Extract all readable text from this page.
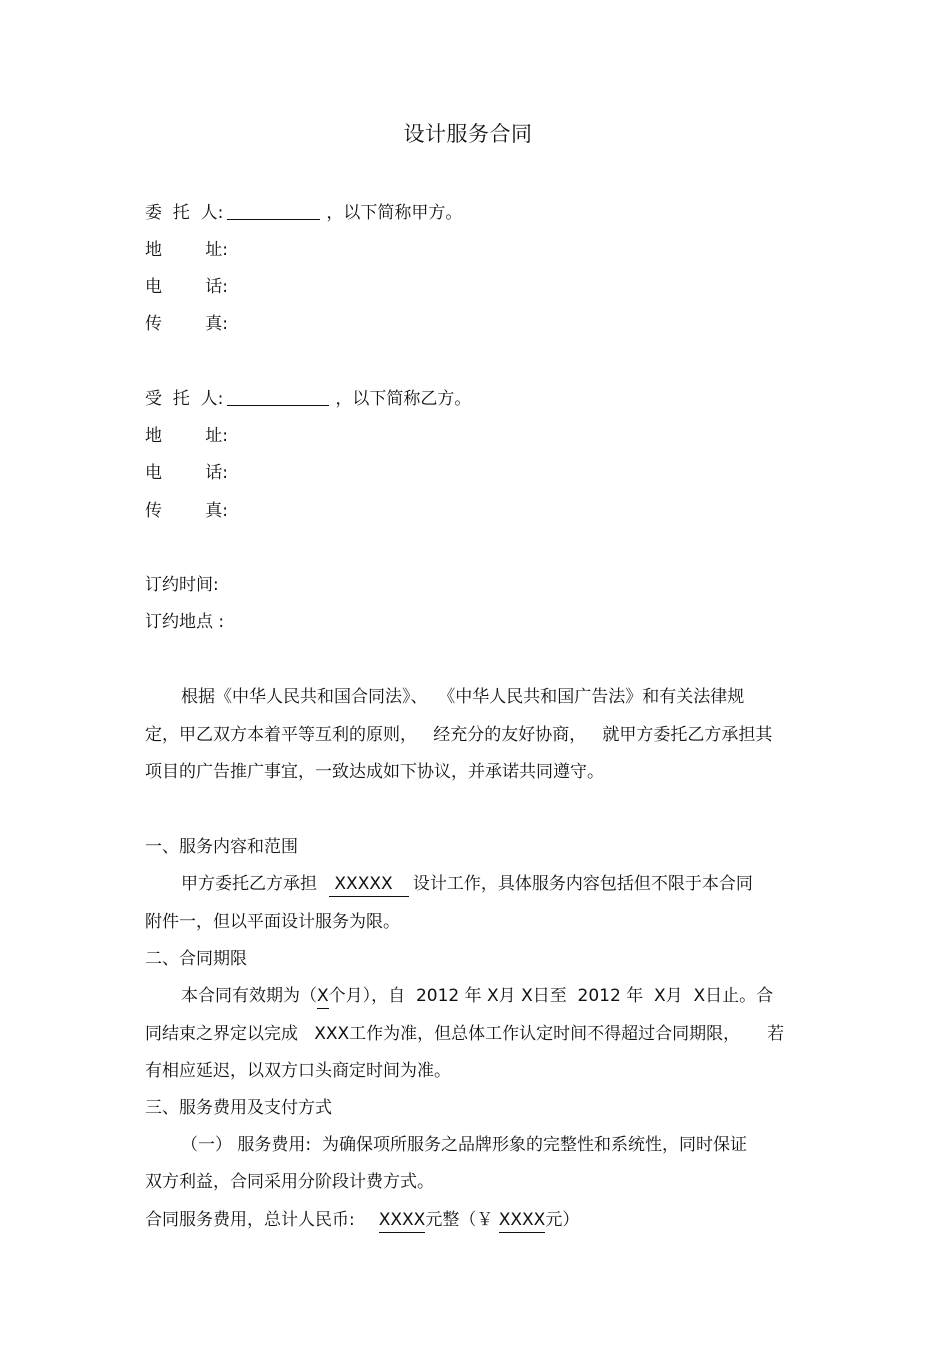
设计服务合同
委  托  人:	，以下简称甲方。
地        址:
电        话:
传        真:
受  托  人:	，以下简称乙方。
地        址:
电        话:
传        真:
订约时间:
订约地点 :
根据《中华人民共和国合同法》、  《中华人民共和国广告法》和有关法律规
定，甲乙双方本着平等互利的原则，   经充分的友好协商，   就甲方委托乙方承担其
项目的广告推广事宜，一致达成如下协议，并承诺共同遵守。
一、服务内容和范围
甲方委托乙方承担 XXXXX   设计工作，具体服务内容包括但不限于本合同
附件一，但以平面设计服务为限。
二、合同期限
本合同有效期为（X个月），自  2012 年 X月 X日至  2012 年  X月  X日止。合
同结束之界定以完成   XXX工作为准，但总体工作认定时间不得超过合同期限，     若
有相应延迟，以双方口头商定时间为准。
三、服务费用及支付方式
（一） 服务费用:  为确保项所服务之品牌形象的完整性和系统性，同时保证
双方利益，合同采用分阶段计费方式。
合同服务费用，总计人民币: XXXX元整（￥ XXXX元）
